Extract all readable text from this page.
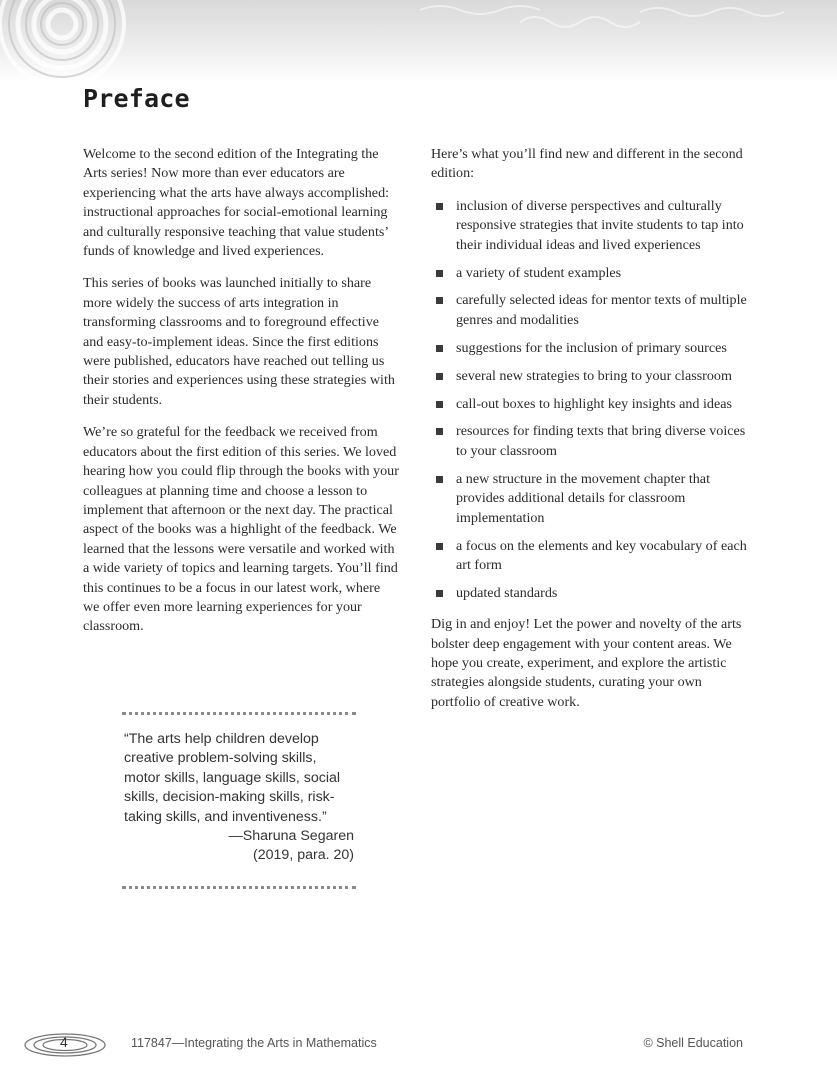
Preface

Welcome to the second edition of the Integrating the Arts series! Now more than ever educators are experiencing what the arts have always accomplished: instructional approaches for social-emotional learning and culturally responsive teaching that value students’ funds of knowledge and lived experiences.

This series of books was launched initially to share more widely the success of arts integration in transforming classrooms and to foreground effective and easy-to-implement ideas. Since the first editions were published, educators have reached out telling us their stories and experiences using these strategies with their students.

We’re so grateful for the feedback we received from educators about the first edition of this series. We loved hearing how you could flip through the books with your colleagues at planning time and choose a lesson to implement that afternoon or the next day. The practical aspect of the books was a highlight of the feedback. We learned that the lessons were versatile and worked with a wide variety of topics and learning targets. You’ll find this continues to be a focus in our latest work, where we offer even more learning experiences for your classroom.

“The arts help children develop creative problem-solving skills, motor skills, language skills, social skills, decision-making skills, risk-taking skills, and inventiveness.”
—Sharuna Segaren
(2019, para. 20)

Here’s what you’ll find new and different in the second edition:

inclusion of diverse perspectives and culturally responsive strategies that invite students to tap into their individual ideas and lived experiences
a variety of student examples
carefully selected ideas for mentor texts of multiple genres and modalities
suggestions for the inclusion of primary sources
several new strategies to bring to your classroom
call-out boxes to highlight key insights and ideas
resources for finding texts that bring diverse voices to your classroom
a new structure in the movement chapter that provides additional details for classroom implementation
a focus on the elements and key vocabulary of each art form
updated standards

Dig in and enjoy! Let the power and novelty of the arts bolster deep engagement with your content areas. We hope you create, experiment, and explore the artistic strategies alongside students, curating your own portfolio of creative work.

4	117847—Integrating the Arts in Mathematics	© Shell Education
